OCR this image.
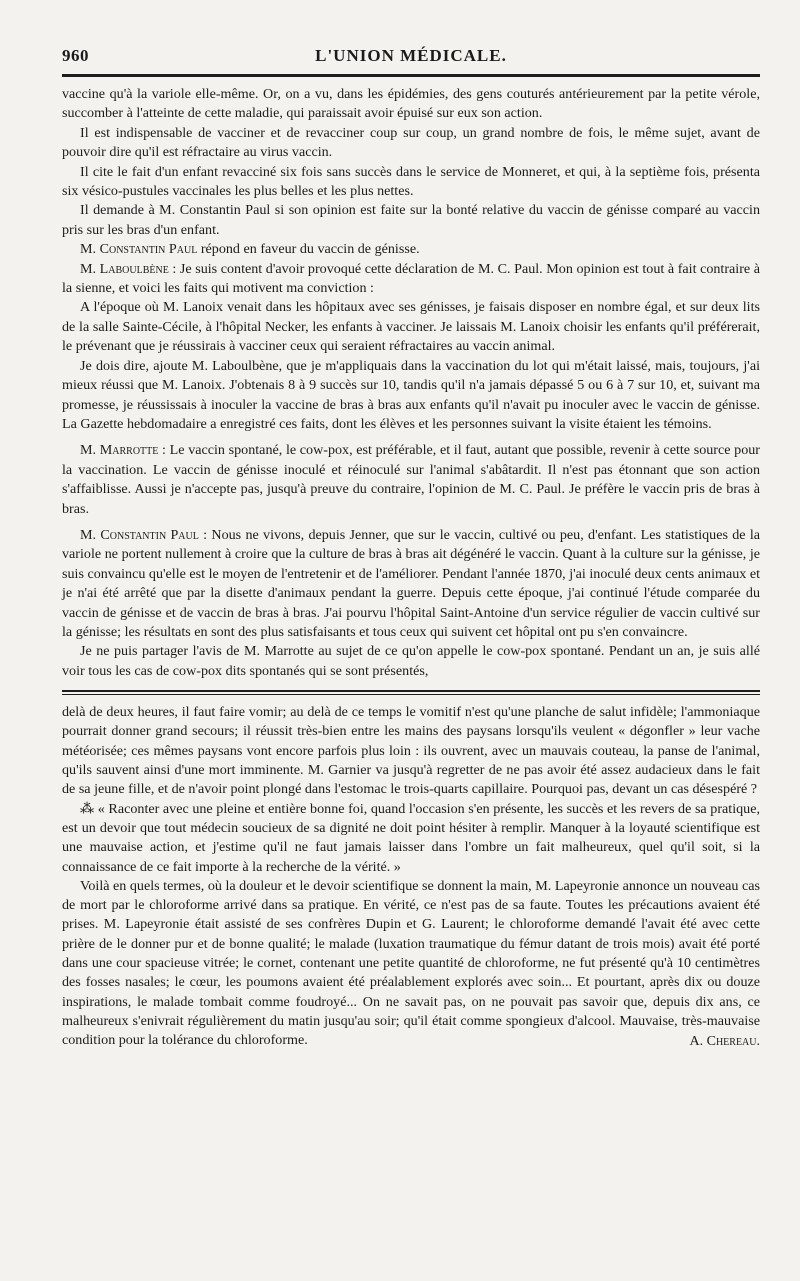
960	L'UNION MÉDICALE.

vaccine qu'à la variole elle-même. Or, on a vu, dans les épidémies, des gens couturés antérieurement par la petite vérole, succomber à l'atteinte de cette maladie, qui paraissait avoir épuisé sur eux son action.

Il est indispensable de vacciner et de revacciner coup sur coup, un grand nombre de fois, le même sujet, avant de pouvoir dire qu'il est réfractaire au virus vaccin.

Il cite le fait d'un enfant revacciné six fois sans succès dans le service de Monneret, et qui, à la septième fois, présenta six vésico-pustules vaccinales les plus belles et les plus nettes.

Il demande à M. Constantin Paul si son opinion est faite sur la bonté relative du vaccin de génisse comparé au vaccin pris sur les bras d'un enfant.

M. Constantin Paul répond en faveur du vaccin de génisse.

M. Laboulbène : Je suis content d'avoir provoqué cette déclaration de M. C. Paul. Mon opinion est tout à fait contraire à la sienne, et voici les faits qui motivent ma conviction :

A l'époque où M. Lanoix venait dans les hôpitaux avec ses génisses, je faisais disposer en nombre égal, et sur deux lits de la salle Sainte-Cécile, à l'hôpital Necker, les enfants à vacciner. Je laissais M. Lanoix choisir les enfants qu'il préférerait, le prévenant que je réussirais à vacciner ceux qui seraient réfractaires au vaccin animal.

Je dois dire, ajoute M. Laboulbène, que je m'appliquais dans la vaccination du lot qui m'était laissé, mais, toujours, j'ai mieux réussi que M. Lanoix. J'obtenais 8 à 9 succès sur 10, tandis qu'il n'a jamais dépassé 5 ou 6 à 7 sur 10, et, suivant ma promesse, je réussissais à inoculer la vaccine de bras à bras aux enfants qu'il n'avait pu inoculer avec le vaccin de génisse. La Gazette hebdomadaire a enregistré ces faits, dont les élèves et les personnes suivant la visite étaient les témoins.

M. Marrotte : Le vaccin spontané, le cow-pox, est préférable, et il faut, autant que possible, revenir à cette source pour la vaccination. Le vaccin de génisse inoculé et réinoculé sur l'animal s'abâtardit. Il n'est pas étonnant que son action s'affaiblisse. Aussi je n'accepte pas, jusqu'à preuve du contraire, l'opinion de M. C. Paul. Je préfère le vaccin pris de bras à bras.

M. Constantin Paul : Nous ne vivons, depuis Jenner, que sur le vaccin, cultivé ou peu, d'enfant. Les statistiques de la variole ne portent nullement à croire que la culture de bras à bras ait dégénéré le vaccin. Quant à la culture sur la génisse, je suis convaincu qu'elle est le moyen de l'entretenir et de l'améliorer. Pendant l'année 1870, j'ai inoculé deux cents animaux et je n'ai été arrêté que par la disette d'animaux pendant la guerre. Depuis cette époque, j'ai continué l'étude comparée du vaccin de génisse et de vaccin de bras à bras. J'ai pourvu l'hôpital Saint-Antoine d'un service régulier de vaccin cultivé sur la génisse; les résultats en sont des plus satisfaisants et tous ceux qui suivent cet hôpital ont pu s'en convaincre.

Je ne puis partager l'avis de M. Marrotte au sujet de ce qu'on appelle le cow-pox spontané. Pendant un an, je suis allé voir tous les cas de cow-pox dits spontanés qui se sont présentés,

delà de deux heures, il faut faire vomir; au delà de ce temps le vomitif n'est qu'une planche de salut infidèle; l'ammoniaque pourrait donner grand secours; il réussit très-bien entre les mains des paysans lorsqu'ils veulent « dégonfler » leur vache météorisée; ces mêmes paysans vont encore parfois plus loin : ils ouvrent, avec un mauvais couteau, la panse de l'animal, qu'ils sauvent ainsi d'une mort imminente. M. Garnier va jusqu'à regretter de ne pas avoir été assez audacieux dans le fait de sa jeune fille, et de n'avoir point plongé dans l'estomac le trois-quarts capillaire. Pourquoi pas, devant un cas désespéré ?

⁂ « Raconter avec une pleine et entière bonne foi, quand l'occasion s'en présente, les succès et les revers de sa pratique, est un devoir que tout médecin soucieux de sa dignité ne doit point hésiter à remplir. Manquer à la loyauté scientifique est une mauvaise action, et j'estime qu'il ne faut jamais laisser dans l'ombre un fait malheureux, quel qu'il soit, si la connaissance de ce fait importe à la recherche de la vérité. »

Voilà en quels termes, où la douleur et le devoir scientifique se donnent la main, M. Lapeyronie annonce un nouveau cas de mort par le chloroforme arrivé dans sa pratique. En vérité, ce n'est pas de sa faute. Toutes les précautions avaient été prises. M. Lapeyronie était assisté de ses confrères Dupin et G. Laurent; le chloroforme demandé l'avait été avec cette prière de le donner pur et de bonne qualité; le malade (luxation traumatique du fémur datant de trois mois) avait été porté dans une cour spacieuse vitrée; le cornet, contenant une petite quantité de chloroforme, ne fut présenté qu'à 10 centimètres des fosses nasales; le cœur, les poumons avaient été préalablement explorés avec soin... Et pourtant, après dix ou douze inspirations, le malade tombait comme foudroyé... On ne savait pas, on ne pouvait pas savoir que, depuis dix ans, ce malheureux s'enivrait régulièrement du matin jusqu'au soir; qu'il était comme spongieux d'alcool. Mauvaise, très-mauvaise condition pour la tolérance du chloroforme.	A. Chereau.
